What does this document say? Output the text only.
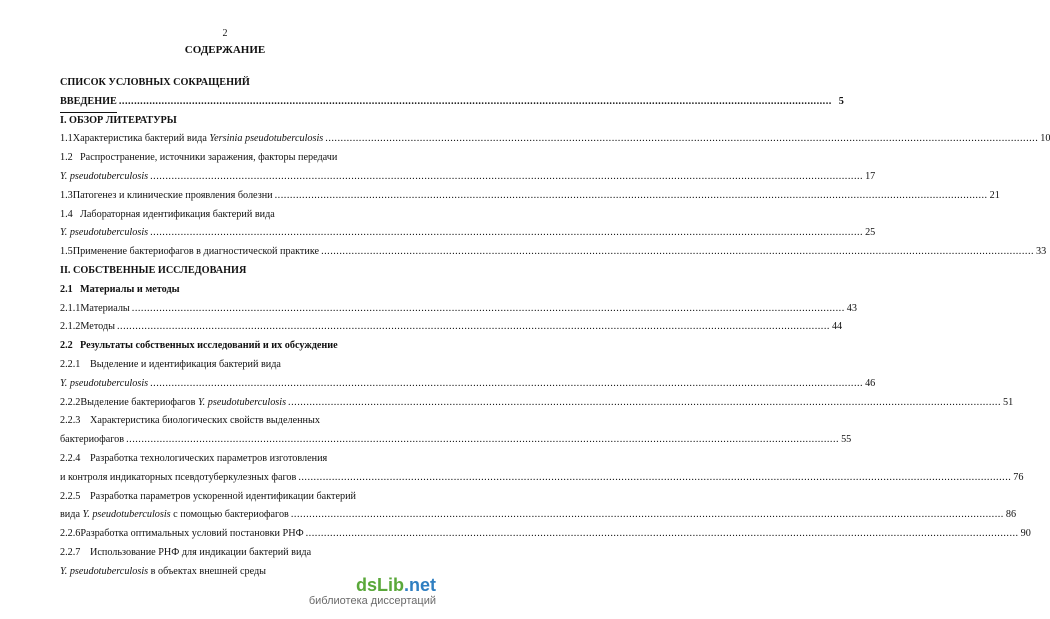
2
СОДЕРЖАНИЕ
СПИСОК УСЛОВНЫХ СОКРАЩЕНИЙ
ВВЕДЕНИЕ .....	5
I. ОБЗОР ЛИТЕРАТУРЫ
1.1 Характеристика бактерий вида Yersinia pseudotuberculosis .....	10
1.2 Распространение, источники заражения, факторы передачи
Y. pseudotuberculosis .....	17
1.3 Патогенез и клинические проявления болезни .....	21
1.4 Лабораторная идентификация бактерий вида
Y. pseudotuberculosis .....	25
1.5 Применение бактериофагов в диагностической практике .....	33
II. СОБСТВЕННЫЕ ИССЛЕДОВАНИЯ
2.1 Материалы и методы
2.1.1 Материалы .....	43
2.1.2 Методы .....	44
2.2 Результаты собственных исследований и их обсуждение
2.2.1 Выделение и идентификация бактерий вида
Y. pseudotuberculosis .....	46
2.2.2 Выделение бактериофагов Y. pseudotuberculosis .....	51
2.2.3 Характеристика биологических свойств выделенных
бактериофагов .....	55
2.2.4 Разработка технологических параметров изготовления
и контроля индикаторных псевдотуберкулезных фагов .....	76
2.2.5 Разработка параметров ускоренной идентификации бактерий
вида Y. pseudotuberculosis с помощью бактериофагов .....	86
2.2.6 Разработка оптимальных условий постановки РНФ .....	90
2.2.7 Использование РНФ для индикации бактерий вида
Y. pseudotuberculosis в объектах внешней среды
dsLib.net
библиотека диссертаций
